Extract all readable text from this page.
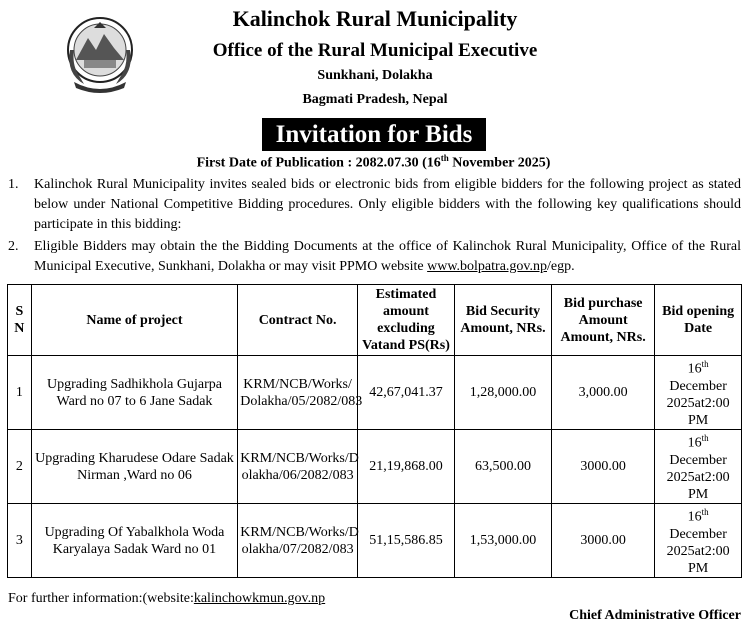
Kalinchok Rural Municipality
Office of the Rural Municipal Executive
Sunkhani, Dolakha
Bagmati Pradesh, Nepal
Invitation for Bids
First Date of Publication : 2082.07.30 (16th November 2025)
1. Kalinchok Rural Municipality invites sealed bids or electronic bids from eligible bidders for the following project as stated below under National Competitive Bidding procedures. Only eligible bidders with the following key qualifications should participate in this bidding:
2. Eligible Bidders may obtain the the Bidding Documents at the office of Kalinchok Rural Municipality, Office of the Rural Municipal Executive, Sunkhani, Dolakha or may visit PPMO website www.bolpatra.gov.np/egp.
S N	Name of project	Contract No.	Estimated amount excluding Vatand PS(Rs)	Bid Security Amount, NRs.	Bid purchase Amount Amount, NRs.	Bid opening Date
1	Upgrading Sadhikhola Gujarpa Ward no 07 to 6 Jane Sadak	KRM/NCB/Works/ Dolakha/05/2082/083	42,67,041.37	1,28,000.00	3,000.00	16th
December 2025at2:00 PM
2	Upgrading Kharudese Odare Sadak Nirman ,Ward no 06	KRM/NCB/Works/D olakha/06/2082/083	21,19,868.00	63,500.00	3000.00	16th
December 2025at2:00 PM
3	Upgrading Of Yabalkhola Woda Karyalaya Sadak Ward no 01	KRM/NCB/Works/D olakha/07/2082/083	51,15,586.85	1,53,000.00	3000.00	16th
December 2025at2:00 PM
For further information:(website:kalinchowkmun.gov.np
Chief Administrative Officer
